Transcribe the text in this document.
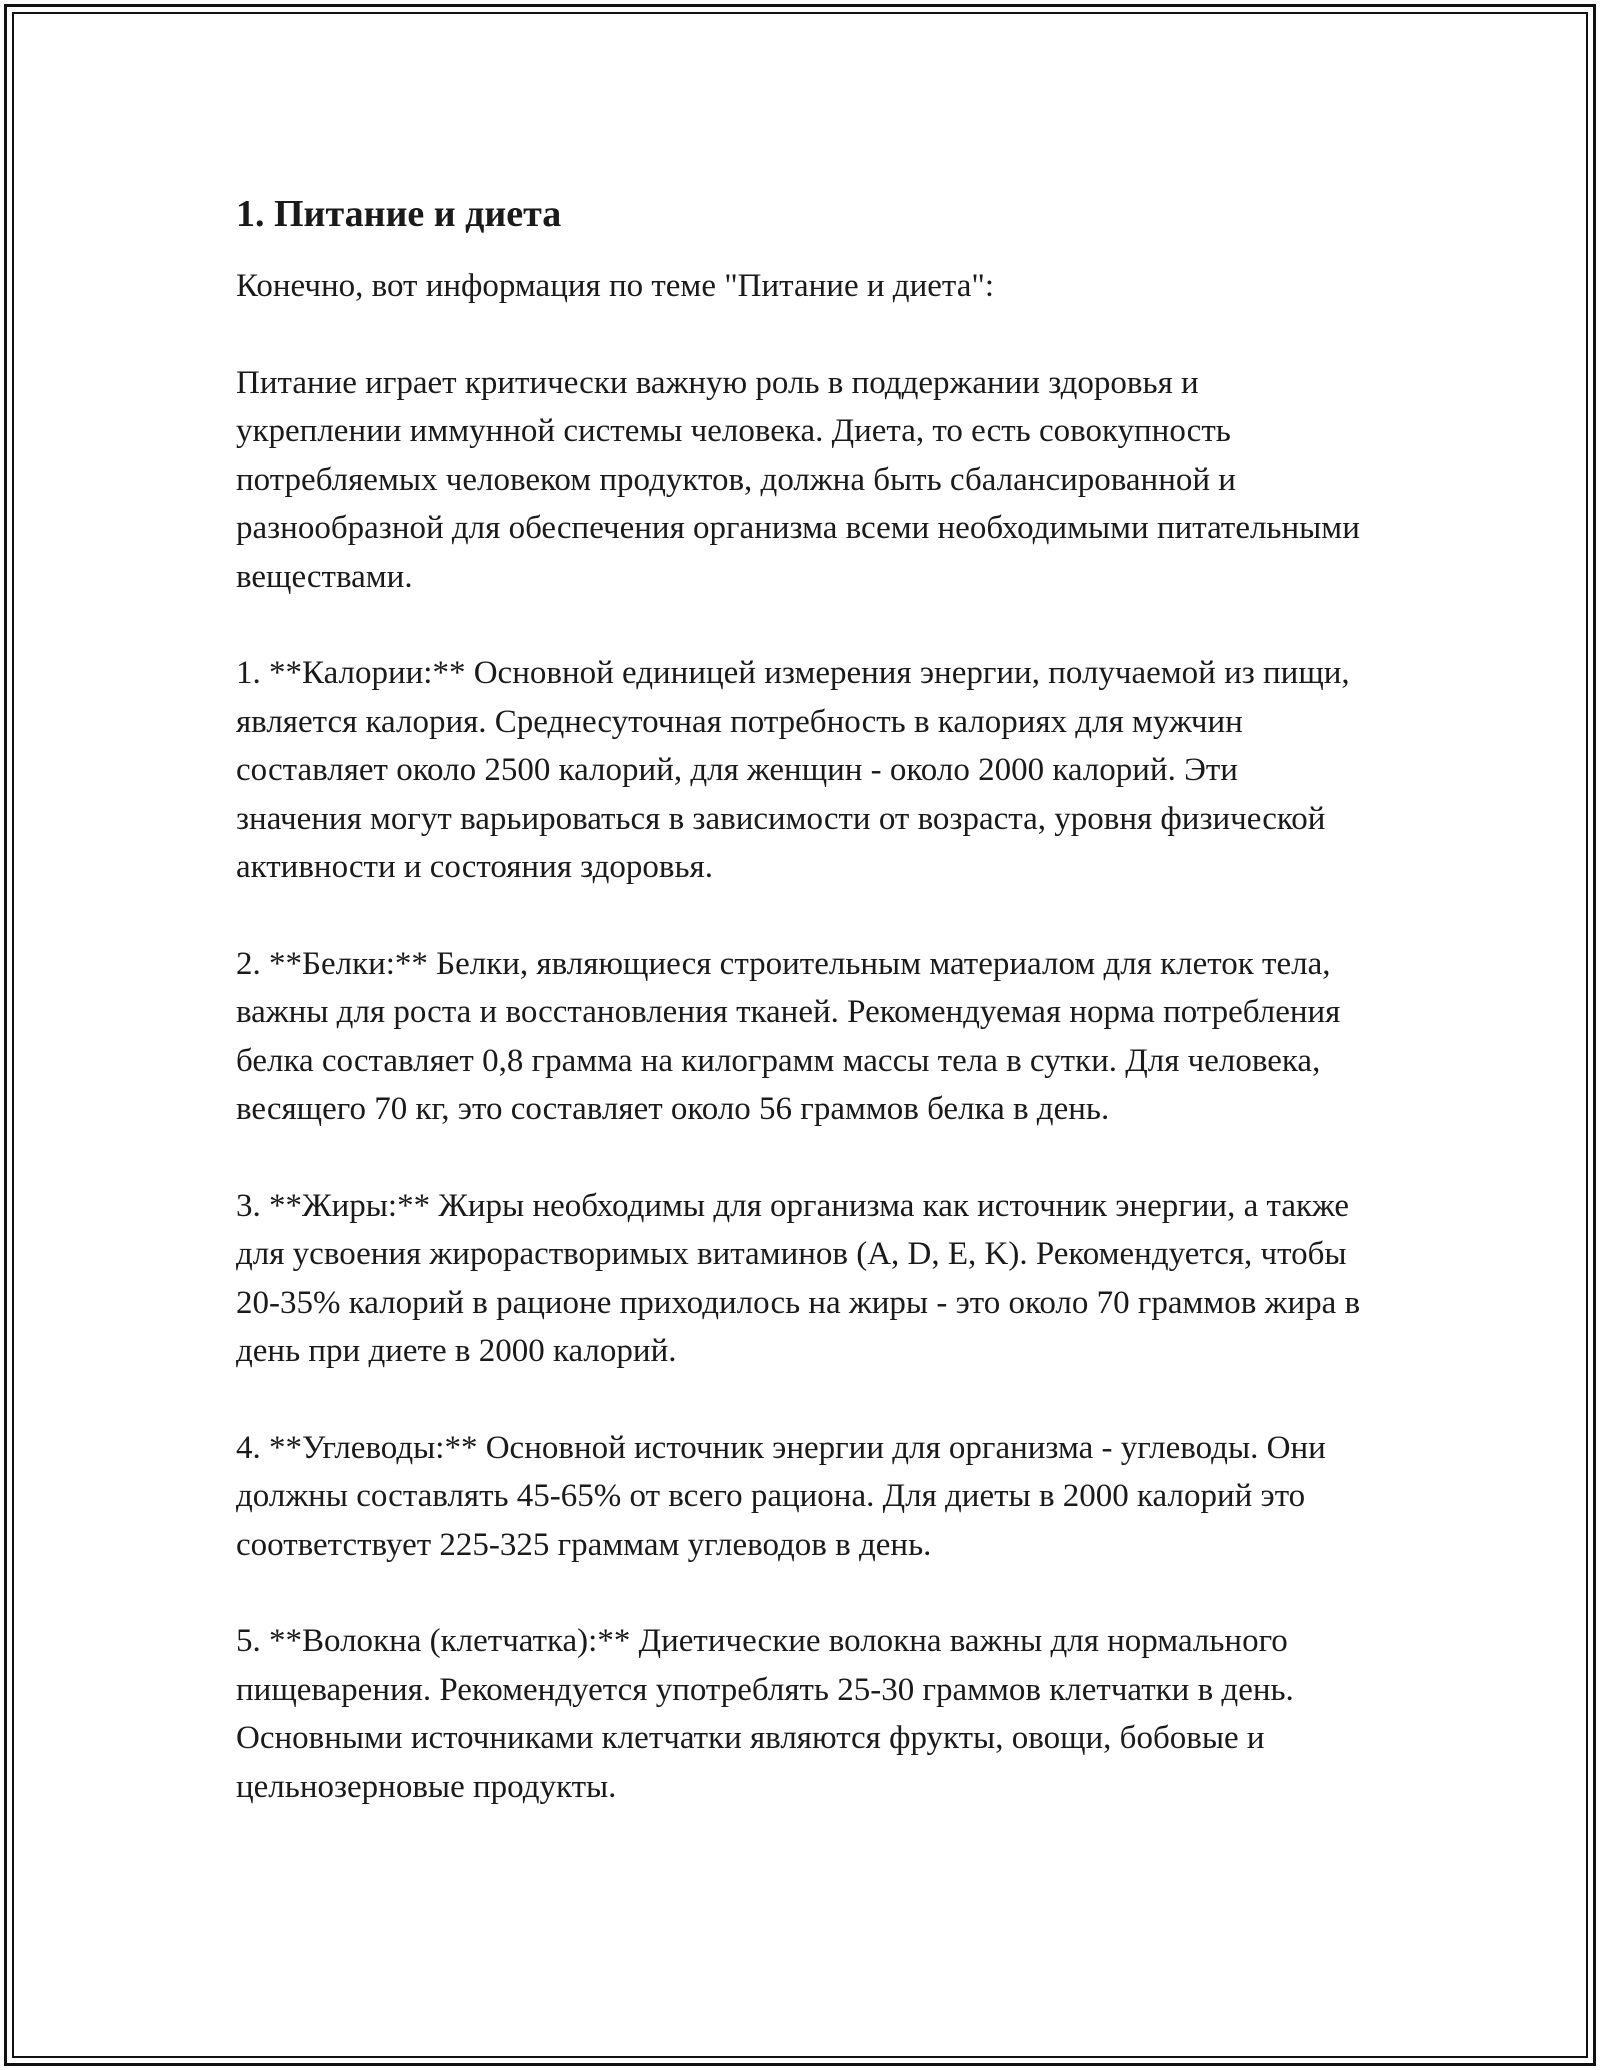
1. Питание и диета

Конечно, вот информация по теме "Питание и диета":

Питание играет критически важную роль в поддержании здоровья и укреплении иммунной системы человека. Диета, то есть совокупность потребляемых человеком продуктов, должна быть сбалансированной и разнообразной для обеспечения организма всеми необходимыми питательными веществами.

1. **Калории:** Основной единицей измерения энергии, получаемой из пищи, является калория. Среднесуточная потребность в калориях для мужчин составляет около 2500 калорий, для женщин - около 2000 калорий. Эти значения могут варьироваться в зависимости от возраста, уровня физической активности и состояния здоровья.

2. **Белки:** Белки, являющиеся строительным материалом для клеток тела, важны для роста и восстановления тканей. Рекомендуемая норма потребления белка составляет 0,8 грамма на килограмм массы тела в сутки. Для человека, весящего 70 кг, это составляет около 56 граммов белка в день.

3. **Жиры:** Жиры необходимы для организма как источник энергии, а также для усвоения жирорастворимых витаминов (A, D, E, K). Рекомендуется, чтобы 20-35% калорий в рационе приходилось на жиры - это около 70 граммов жира в день при диете в 2000 калорий.

4. **Углеводы:** Основной источник энергии для организма - углеводы. Они должны составлять 45-65% от всего рациона. Для диеты в 2000 калорий это соответствует 225-325 граммам углеводов в день.

5. **Волокна (клетчатка):** Диетические волокна важны для нормального пищеварения. Рекомендуется употреблять 25-30 граммов клетчатки в день. Основными источниками клетчатки являются фрукты, овощи, бобовые и цельнозерновые продукты.
